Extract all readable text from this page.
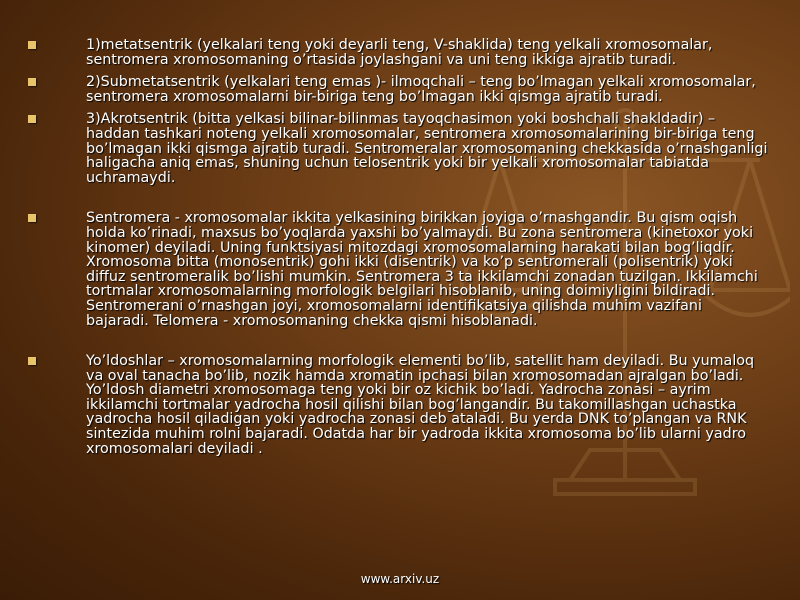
1)metatsentrik (yelkalari teng yoki deyarli teng, V-shaklida) teng yelkali xromosomalar, sentromera xromosomaning o’rtasida joylashgani va uni teng ikkiga ajratib turadi.
2)Submetatsentrik (yelkalari teng emas )- ilmoqchali – teng bo’lmagan yelkali xromosomalar, sentromera xromosomalarni bir-biriga teng bo’lmagan ikki qismga ajratib turadi.
3)Akrotsentrik (bitta yelkasi bilinar-bilinmas tayoqchasimon yoki boshchali shakldadir) – haddan tashkari noteng yelkali xromosomalar, sentromera xromosomalarining bir-biriga teng bo’lmagan ikki qismga ajratib turadi. Sentromeralar xromosomaning chekkasida o’rnashganligi haligacha aniq emas, shuning uchun telosentrik yoki bir yelkali xromosomalar tabiatda uchramaydi.
Sentromera - xromosomalar ikkita yelkasining birikkan joyiga o’rnashgandir. Bu qism oqish holda ko’rinadi, maxsus bo’yoqlarda yaxshi bo’yalmaydi. Bu zona sentromera (kinetoxor yoki kinomer) deyiladi. Uning funktsiyasi mitozdagi xromosomalarning harakati bilan bog’liqdir. Xromosoma bitta (monosentrik) gohi ikki (disentrik) va ko’p sentromerali (polisentrik) yoki diffuz sentromeralik bo’lishi mumkin. Sentromera 3 ta ikkilamchi zonadan tuzilgan. Ikkilamchi tortmalar xromosomalarning morfologik belgilari hisoblanib, uning doimiyligini bildiradi. Sentromerani o’rnashgan joyi, xromosomalarni identifikatsiya qilishda muhim vazifani bajaradi. Telomera - xromosomaning chekka qismi hisoblanadi.
Yo’ldoshlar – xromosomalarning morfologik elementi bo’lib, satellit ham deyiladi. Bu yumaloq va oval tanacha bo’lib, nozik hamda xromatin ipchasi bilan xromosomadan ajralgan bo’ladi. Yo’ldosh diametri xromosomaga teng yoki bir oz kichik bo’ladi. Yadrocha zonasi – ayrim ikkilamchi tortmalar yadrocha hosil qilishi bilan bog’langandir. Bu takomillashgan uchastka yadrocha hosil qiladigan yoki yadrocha zonasi deb ataladi. Bu yerda DNK to’plangan va RNK sintezida muhim rolni bajaradi. Odatda har bir yadroda ikkita xromosoma bo’lib ularni yadro xromosomalari deyiladi .
www.arxiv.uz
